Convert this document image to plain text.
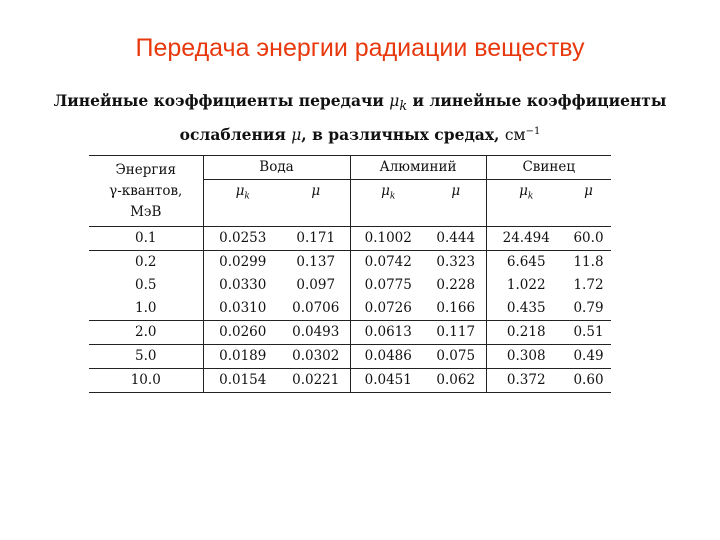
Передача энергии радиации веществу
Линейные коэффициенты передачи $\mu_k$ и линейные коэффициенты
ослабления μ, в различных средах, $см^{-1}$
Энергия
γ-квантов,
МэВ	Вода		Алюминий		Свинец	
	$\mu_k$	μ	$\mu_k$	μ	$\mu_k$	μ
0.1	0.0253	0.171	0.1002	0.444	24.494	60.0
0.2	0.0299	0.137	0.0742	0.323	6.645	11.8
0.5	0.0330	0.097	0.0775	0.228	1.022	1.72
1.0	0.0310	0.0706	0.0726	0.166	0.435	0.79
2.0	0.0260	0.0493	0.0613	0.117	0.218	0.51
5.0	0.0189	0.0302	0.0486	0.075	0.308	0.49
10.0	0.0154	0.0221	0.0451	0.062	0.372	0.60
